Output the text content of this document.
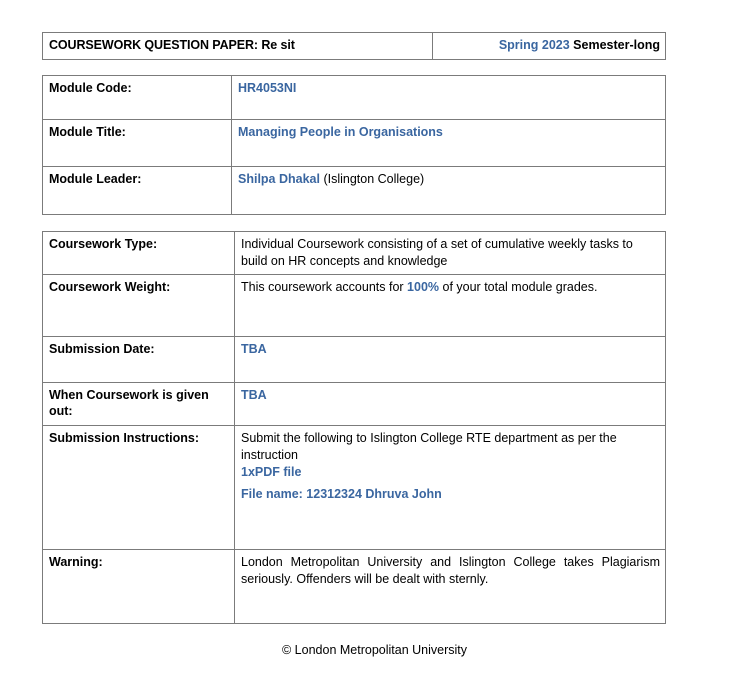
COURSEWORK QUESTION PAPER: Re sit	Spring 2023 Semester-long
Module Code:	HR4053NI
Module Title:	Managing People in Organisations
Module Leader:	Shilpa Dhakal (Islington College)
Coursework Type:	Individual Coursework consisting of a set of cumulative weekly tasks to build on HR concepts and knowledge
Coursework Weight:	This coursework accounts for 100% of your total module grades.
Submission Date:	TBA
When Coursework is given out:	TBA
Submission Instructions:	Submit the following to Islington College RTE department as per the instruction
1xPDF file

File name: 12312324 Dhruva John

Warning:	London Metropolitan University and Islington College takes Plagiarism seriously. Offenders will be dealt with sternly.
© London Metropolitan University
